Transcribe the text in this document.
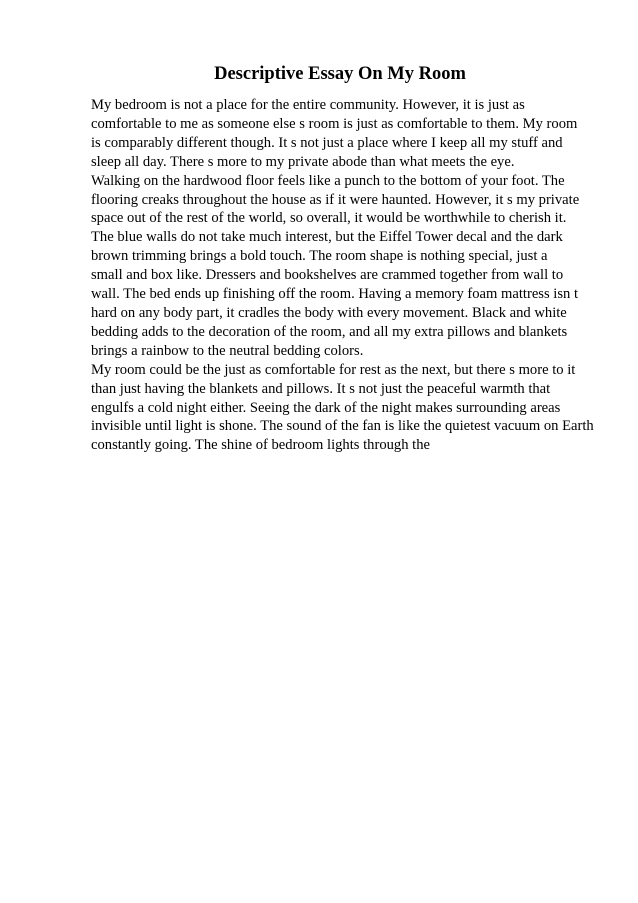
Descriptive Essay On My Room
My bedroom is not a place for the entire community. However, it is just as
comfortable to me as someone else s room is just as comfortable to them. My room
is comparably different though. It s not just a place where I keep all my stuff and
sleep all day. There s more to my private abode than what meets the eye.
Walking on the hardwood floor feels like a punch to the bottom of your foot. The
flooring creaks throughout the house as if it were haunted. However, it s my private
space out of the rest of the world, so overall, it would be worthwhile to cherish it.
The blue walls do not take much interest, but the Eiffel Tower decal and the dark
brown trimming brings a bold touch. The room shape is nothing special, just a
small and box like. Dressers and bookshelves are crammed together from wall to
wall. The bed ends up finishing off the room. Having a memory foam mattress isn t
hard on any body part, it cradles the body with every movement. Black and white
bedding adds to the decoration of the room, and all my extra pillows and blankets
brings a rainbow to the neutral bedding colors.
My room could be the just as comfortable for rest as the next, but there s more to it
than just having the blankets and pillows. It s not just the peaceful warmth that
engulfs a cold night either. Seeing the dark of the night makes surrounding areas
invisible until light is shone. The sound of the fan is like the quietest vacuum on Earth
constantly going. The shine of bedroom lights through the
